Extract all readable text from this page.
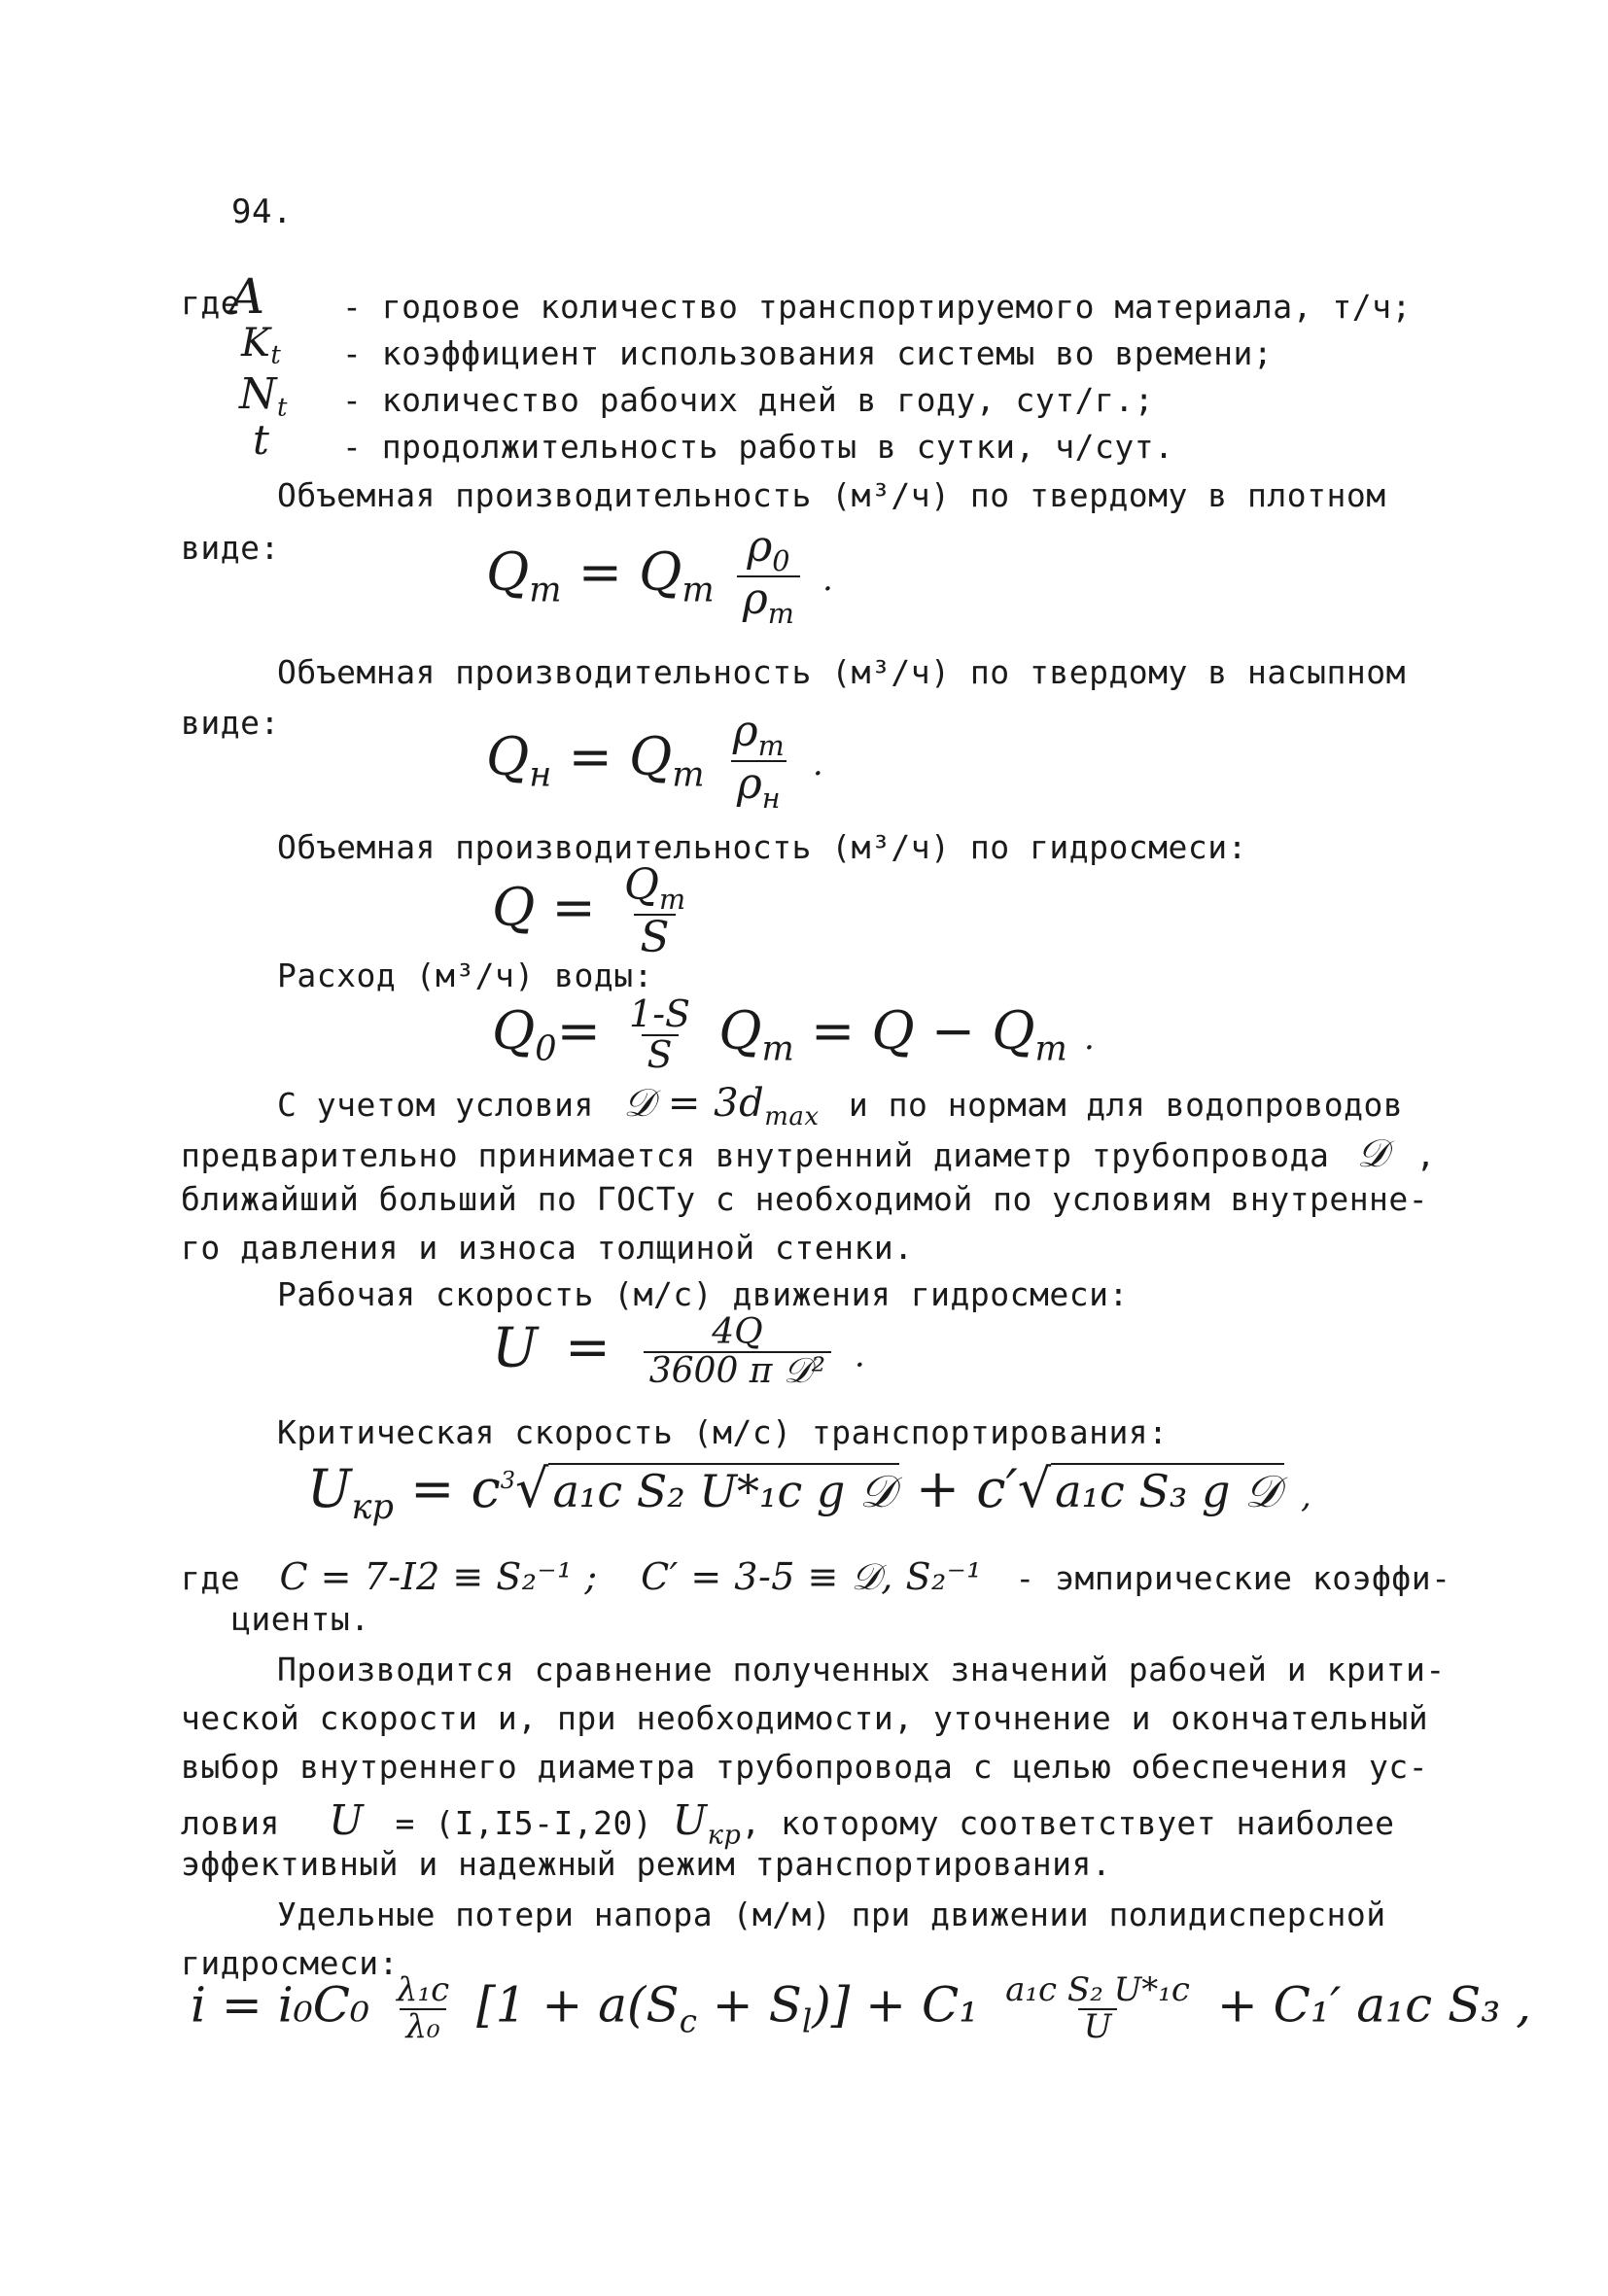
94.
где
A - годовое количество транспортируемого материала, т/ч;
$K_t$ - коэффициент использования системы во времени;
$N_t$ - количество рабочих дней в году, сут/г.;
t - продолжительность работы в сутки, ч/сут.
Объемная производительность (м³/ч) по твердому в плотном
виде:	$Q_т = Q_m \frac{\rho_0}{\rho_т}$ .
Объемная производительность (м³/ч) по твердому в насыпном
виде:
$Q_н = Q_т \frac{\rho_т}{\rho_н}$ .
Объемная производительность (м³/ч) по гидросмеси:
$Q = \frac{Q_т}{S}$
Расход (м³/ч) воды:
$Q_0= \frac{1-S}{S} Q_т = Q - Q_т$ .
С учетом условия 𝒟 = $3d_{max}$ и по нормам для водопроводов
предварительно принимается внутренний диаметр трубопровода 𝒟 ,
ближайший больший по ГОСТу с необходимой по условиям внутренне-
го давления и износа толщиной стенки.
Рабочая скорость (м/с) движения гидросмеси:
$U = \frac{4Q}{\text{3600 π 𝒟²}}$ .
Критическая скорость (м/с) транспортирования:
$U_{кр} = c^3√a_1c$ S₂ U*₁c g 𝒟 + c′√a₁c S₃ g 𝒟 ,
где C = 7-I2 ≡ S₂⁻¹ ; C′ = 3-5 ≡ 𝒟, S₂⁻¹ - эмпирические коэффи-
циенты.
Производится сравнение полученных значений рабочей и крити-
ческой скорости и, при необходимости, уточнение и окончательный
выбор внутреннего диаметра трубопровода с целью обеспечения ус-
ловия U = (I,I5-I,20) $U_{кр}$, которому соответствует наиболее
эффективный и надежный режим транспортирования.
Удельные потери напора (м/м) при движении полидисперсной
гидросмеси:
$i = i_0C_0 \frac{\text{λ₁c}}{\text{λ₀}} [1 + a(S_c + S_l)] + C_1 \frac{\text{a₁c S₂ U*₁c}}{U} + C_1'$ a₁c S₃ ,
